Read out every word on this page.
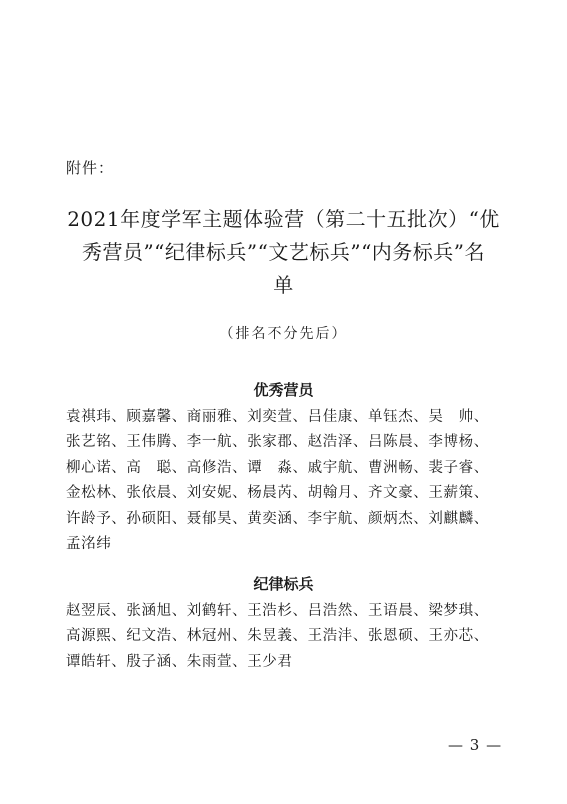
附件：
2021年度学军主题体验营（第二十五批次）“优
秀营员”“纪律标兵”“文艺标兵”“内务标兵”名
单
（排名不分先后）
优秀营员
袁祺玮、顾嘉馨、商丽雅、刘奕萱、吕佳康、单钰杰、吴　帅、
张艺铭、王伟腾、李一航、张家郡、赵浩泽、吕陈晨、李博杨、
柳心诺、高　聪、高修浩、谭　淼、戚宇航、曹洲畅、裴子睿、
金松林、张依晨、刘安妮、杨晨芮、胡翰月、齐文豪、王薪策、
许龄予、孙硕阳、聂郁昊、黄奕涵、李宇航、颜炳杰、刘麒麟、
孟洺纬
纪律标兵
赵翌辰、张涵旭、刘鹤轩、王浩杉、吕浩然、王语晨、梁梦琪、
高源熙、纪文浩、林冠州、朱昱義、王浩沣、张恩硕、王亦芯、
谭皓轩、殷子涵、朱雨萱、王少君
— 3 —
